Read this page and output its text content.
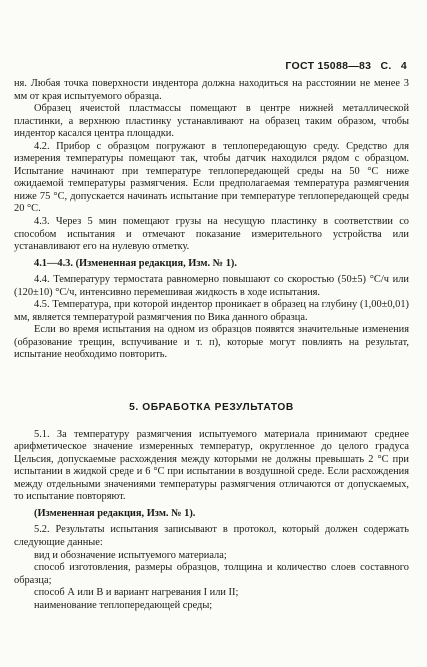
ГОСТ 15088—83 С. 4

ня. Любая точка поверхности индентора должна находиться на расстоянии не менее 3 мм от края испытуемого образца.

Образец ячеистой пластмассы помещают в центре нижней металлической пластинки, а верхнюю пластинку устанавливают на образец таким образом, чтобы индентор касался центра площадки.

4.2. Прибор с образцом погружают в теплопередающую среду. Средство для измерения температуры помещают так, чтобы датчик находился рядом с образцом. Испытание начинают при температуре теплопередающей среды на 50 °С ниже ожидаемой температуры размягчения. Если предполагаемая температура размягчения ниже 75 °С, допускается начинать испытание при температуре теплопередающей среды 20 °С.

4.3. Через 5 мин помещают грузы на несущую пластинку в соответствии со способом испытания и отмечают показание измерительного устройства или устанавливают его на нулевую отметку.

4.1—4.3. (Измененная редакция, Изм. № 1).

4.4. Температуру термостата равномерно повышают со скоростью (50±5) °С/ч или (120±10) °С/ч, интенсивно перемешивая жидкость в ходе испытания.

4.5. Температура, при которой индентор проникает в образец на глубину (1,00±0,01) мм, является температурой размягчения по Вика данного образца.

Если во время испытания на одном из образцов появятся значительные изменения (образование трещин, вспучивание и т. п), которые могут повлиять на результат, испытание необходимо повторить.

5. ОБРАБОТКА РЕЗУЛЬТАТОВ

5.1. За температуру размягчения испытуемого материала принимают среднее арифметическое значение измеренных температур, округленное до целого градуса Цельсия, допускаемые расхождения между которыми не должны превышать 2 °С при испытании в жидкой среде и 6 °С при испытании в воздушной среде. Если расхождения между отдельными значениями температуры размягчения отличаются от допускаемых, то испытание повторяют.

(Измененная редакция, Изм. № 1).

5.2. Результаты испытания записывают в протокол, который должен содержать следующие данные:

вид и обозначение испытуемого материала;
способ изготовления, размеры образцов, толщина и количество слоев составного образца;
способ А или В и вариант нагревания I или II;
наименование теплопередающей среды;
